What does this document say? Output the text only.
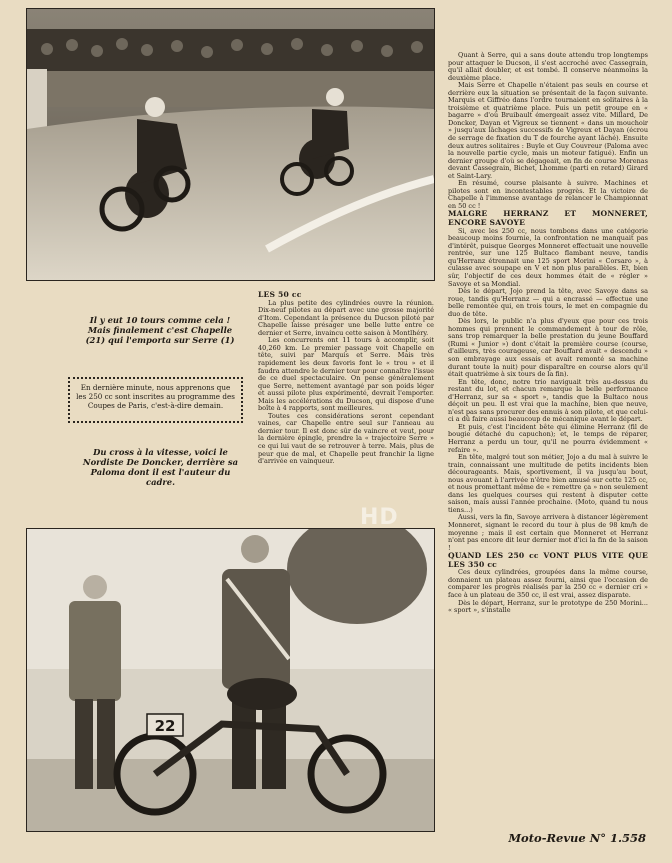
Il y eut 10 tours comme cela ! Mais finalement c'est Chapelle (21) qui l'emporta sur Serre (1)
En dernière minute, nous apprenons que les 250 cc sont inscrites au programme des Coupes de Paris, c'est-à-dire demain.
Du cross à la vitesse, voici le Nordiste De Doncker, derrière sa Paloma dont il est l'auteur du cadre.
22
HD

LES 50 cc

La plus petite des cylindrées ouvre la réunion. Dix-neuf pilotes au départ avec une grosse majorité d'Itom. Cependant la présence du Ducson piloté par Chapelle laisse présager une belle lutte entre ce dernier et Serre, invaincu cette saison à Montlhéry.

Les concurrents ont 11 tours à accomplir, soit 40,260 km. Le premier passage voit Chapelle en tête, suivi par Marquis et Serre. Mais très rapidement les deux favoris font le « trou » et il faudra attendre le dernier tour pour connaître l'issue de ce duel spectaculaire. On pense généralement que Serre, nettement avantagé par son poids léger et aussi pilote plus expérimenté, devrait l'emporter. Mais les accélérations du Ducson, qui dispose d'une boîte à 4 rapports, sont meilleures.

Toutes ces considérations seront cependant vaines, car Chapelle entre seul sur l'anneau au dernier tour. Il est donc sûr de vaincre et veut, pour la dernière épingle, prendre la « trajectoire Serre » ce qui lui vaut de se retrouver à terre. Mais, plus de peur que de mal, et Chapelle peut franchir la ligne d'arrivée en vainqueur.

Quant à Serre, qui a sans doute attendu trop longtemps pour attaquer le Ducson, il s'est accroché avec Cassegrain, qu'il allait doubler, et est tombé. Il conserve néanmoins la deuxième place.

Mais Serre et Chapelle n'étaient pas seuls en course et derrière eux la situation se présentait de la façon suivante. Marquis et Giffréo dans l'ordre tournaient en solitaires à la troisième et quatrième place. Puis un petit groupe en « bagarre » d'où Bruibault émergeait assez vite. Millard, De Doncker, Dayan et Vigreux se tiennent « dans un mouchoir » jusqu'aux lâchages successifs de Vigreux et Dayan (écrou de serrage de fixation du T de fourche ayant lâché). Ensuite deux autres solitaires : Buyle et Guy Couvreur (Paloma avec la nouvelle partie cycle, mais un moteur fatigué). Enfin un dernier groupe d'où se dégageait, en fin de course Morenas devant Cassegrain, Bichet, Lhomme (parti en retard) Girard et Saint-Lary.

En résumé, course plaisante à suivre. Machines et pilotes sont en incontestables progrès. Et la victoire de Chapelle à l'immense avantage de relancer le Championnat en 50 cc !

MALGRE HERRANZ ET MONNERET, ENCORE SAVOYE

Si, avec les 250 cc, nous tombons dans une catégorie beaucoup moins fournie, la confrontation ne manquait pas d'intérêt, puisque Georges Monneret effectuait une nouvelle rentrée, sur une 125 Bultaco flambant neuve, tandis qu'Herranz étrennait une 125 sport Morini « Corsaro », à culasse avec soupape en V et non plus parallèles. Et, bien sûr, l'objectif de ces deux hommes était de « régler » Savoye et sa Mondial.

Dès le départ, Jojo prend la tête, avec Savoye dans sa roue, tandis qu'Herranz — qui a encrassé — effectue une belle remontée qui, en trois tours, le met en compagnie du duo de tête.

Dès lors, le public n'a plus d'yeux que pour ces trois hommes qui prennent le commandement à tour de rôle, sans trop remarquer la belle prestation du jeune Bouffard (Rumi « Junior ») dont c'était la première course (course, d'ailleurs, très courageuse, car Bouffard avait « descendu » son embrayage aux essais et avait remonté sa machine durant toute la nuit) pour disparaître en course alors qu'il était quatrième à six tours de la fin).

En tête, donc, notre trio naviguait très au-dessus du restant du lot, et chacun remarque la belle performance d'Herranz, sur sa « sport », tandis que la Bultaco nous déçoit un peu. Il est vrai que la machine, bien que neuve, n'est pas sans procurer des ennuis à son pilote, et que celui-ci a dû faire aussi beaucoup de mécanique avant le départ.

Et puis, c'est l'incident bête qui élimine Herranz (fil de bougie détaché du capuchon); et, le temps de réparer, Herranz a perdu un tour, qu'il ne pourra évidemment « refaire ».

En tête, malgré tout son métier, Jojo a du mal à suivre le train, connaissant une multitude de petits incidents bien décourageants. Mais, sportivement, il va jusqu'au bout, nous avouant à l'arrivée n'être bien amusé sur cette 125 cc, et nous promettant même de « remettre ça » non seulement dans les quelques courses qui restent à disputer cette saison, mais aussi l'année prochaine. (Moto, quand tu nous tiens...)

Aussi, vers la fin, Savoye arrivera à distancer légèrement Monneret, signant le record du tour à plus de 98 km/h de moyenne ; mais il est certain que Monneret et Herranz n'ont pas encore dit leur dernier mot d'ici la fin de la saison !

QUAND LES 250 cc VONT PLUS VITE QUE LES 350 cc

Ces deux cylindrées, groupées dans la même course, donnaient un plateau assez fourni, ainsi que l'occasion de comparer les progrès réalisés par la 250 cc « dernier cri » face à un plateau de 350 cc, il est vrai, assez disparate.

Dès le départ, Herranz, sur le prototype de 250 Morini... « sport », s'installe

Moto-Revue N° 1.558
